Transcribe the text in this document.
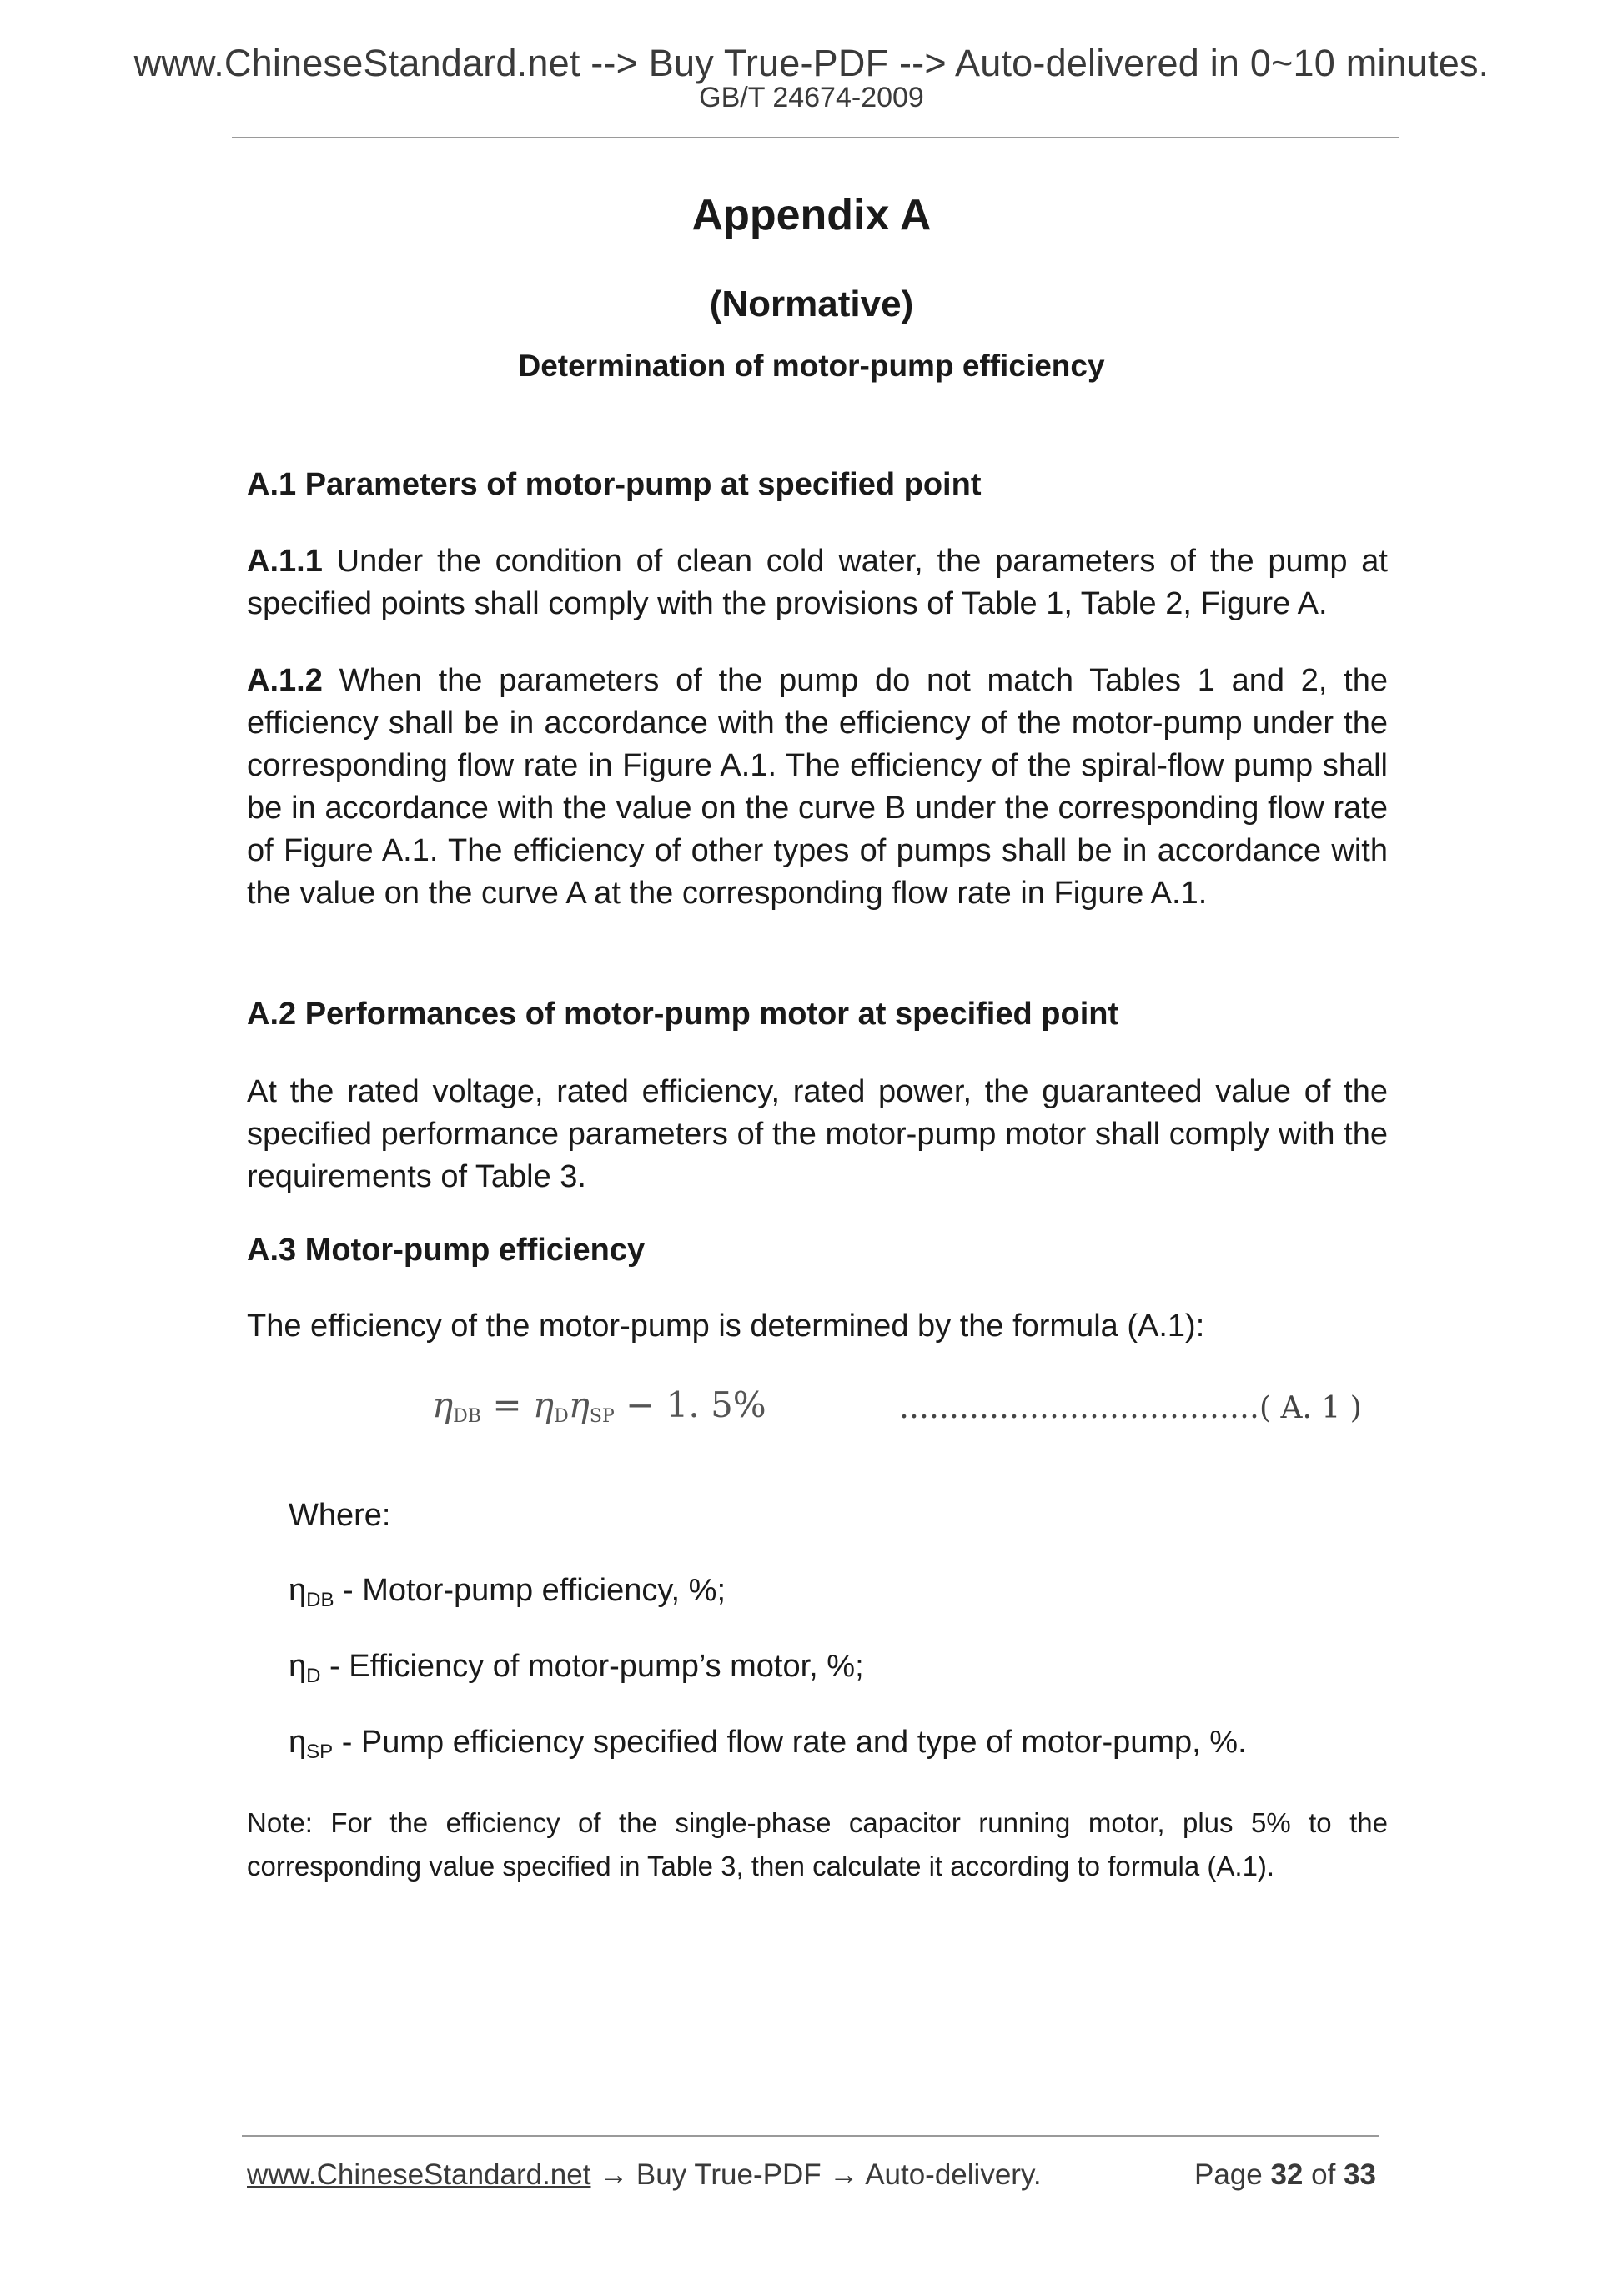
www.ChineseStandard.net --> Buy True-PDF --> Auto-delivered in 0~10 minutes.
GB/T 24674-2009
Appendix A
(Normative)
Determination of motor-pump efficiency

A.1 Parameters of motor-pump at specified point

A.1.1 Under the condition of clean cold water, the parameters of the pump at specified points shall comply with the provisions of Table 1, Table 2, Figure A.

A.1.2 When the parameters of the pump do not match Tables 1 and 2, the efficiency shall be in accordance with the efficiency of the motor-pump under the corresponding flow rate in Figure A.1. The efficiency of the spiral-flow pump shall be in accordance with the value on the curve B under the corresponding flow rate of Figure A.1. The efficiency of other types of pumps shall be in accordance with the value on the curve A at the corresponding flow rate in Figure A.1.

A.2 Performances of motor-pump motor at specified point

At the rated voltage, rated efficiency, rated power, the guaranteed value of the specified performance parameters of the motor-pump motor shall comply with the requirements of Table 3.

A.3 Motor-pump efficiency

The efficiency of the motor-pump is determined by the formula (A.1):

$\eta_{DB} = \eta_D\eta_{SP} - 1$. 5%	………………………………( A. 1 )
Where:
ηDB - Motor-pump efficiency, %;
ηD - Efficiency of motor-pump’s motor, %;
ηSP - Pump efficiency specified flow rate and type of motor-pump, %.
Note: For the efficiency of the single-phase capacitor running motor, plus 5% to the corresponding value specified in Table 3, then calculate it according to formula (A.1).
www.ChineseStandard.net → Buy True-PDF → Auto-delivery.	Page 32 of 33
